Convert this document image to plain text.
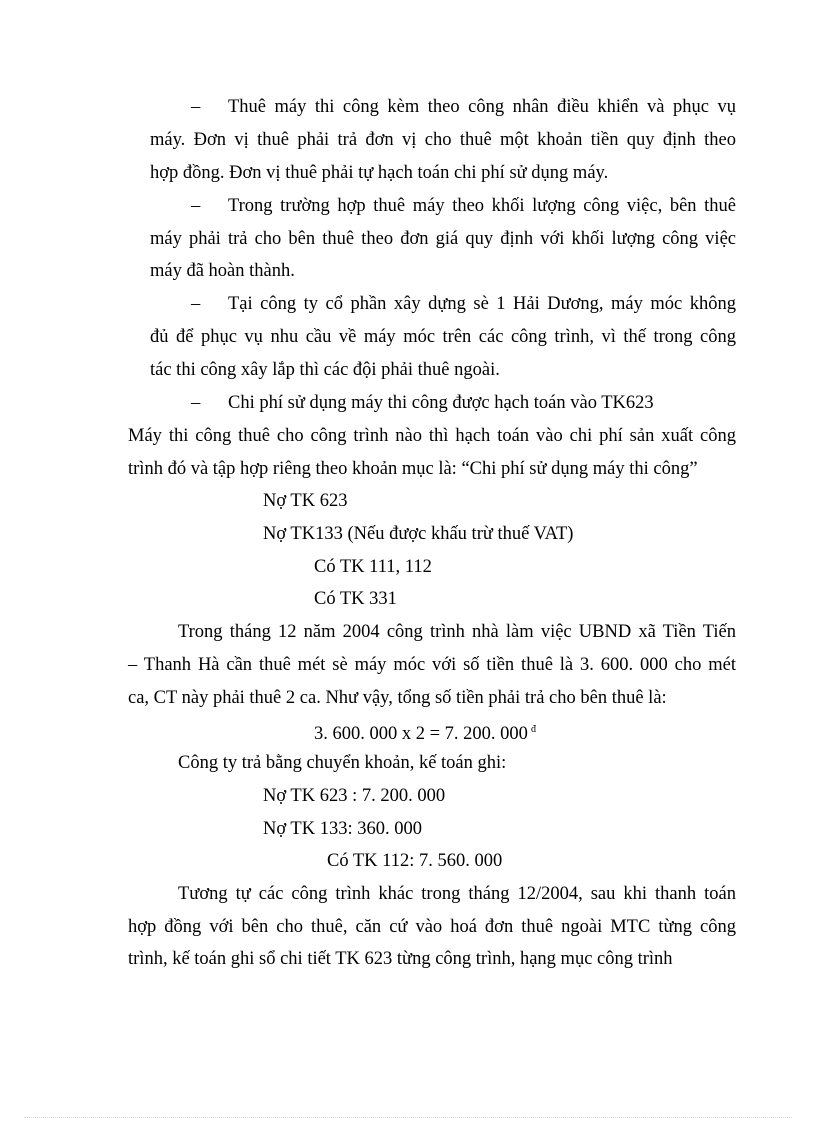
– Thuê máy thi công kèm theo công nhân điều khiển và phục vụ
máy. Đơn vị thuê phải trả đơn vị cho thuê một khoản tiền quy định theo
hợp đồng. Đơn vị thuê phải tự hạch toán chi phí sử dụng máy.
– Trong trường hợp thuê máy theo khối lượng công việc, bên thuê
máy phải trả cho bên thuê theo đơn giá quy định với khối lượng công việc
máy đã hoàn thành.
– Tại công ty cổ phần xây dựng sè 1 Hải Dương, máy móc không
đủ để phục vụ nhu cầu về máy móc trên các công trình, vì thế trong công
tác thi công xây lắp thì các đội phải thuê ngoài.
– Chi phí sử dụng máy thi công được hạch toán vào TK623
Máy thi công thuê cho công trình nào thì hạch toán vào chi phí sản xuất công
trình đó và tập hợp riêng theo khoản mục là: “Chi phí sử dụng máy thi công”
Nợ TK 623
Nợ TK133 (Nếu được khấu trừ thuế VAT)
Có TK 111, 112
Có TK 331
Trong tháng 12 năm 2004 công trình nhà làm việc UBND xã Tiền Tiến
– Thanh Hà cần thuê mét sè máy móc với số tiền thuê là 3. 600. 000 cho mét
ca, CT này phải thuê 2 ca. Như vậy, tổng số tiền phải trả cho bên thuê là:
3. 600. 000 x 2 = 7. 200. 000 $^đ$
Công ty trả bằng chuyển khoản, kế toán ghi:
Nợ TK 623 : 7. 200. 000
Nợ TK 133: 360. 000
Có TK 112: 7. 560. 000
Tương tự các công trình khác trong tháng 12/2004, sau khi thanh toán
hợp đồng với bên cho thuê, căn cứ vào hoá đơn thuê ngoài MTC từng công
trình, kế toán ghi sổ chi tiết TK 623 từng công trình, hạng mục công trình
